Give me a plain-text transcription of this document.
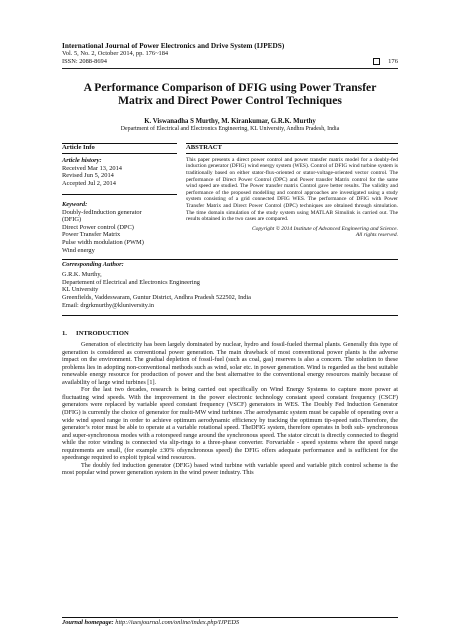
International Journal of Power Electronics and Drive System (IJPEDS)
Vol. 5, No. 2, October 2014, pp. 176~184
ISSN: 2088-8694	176
A Performance Comparison of DFIG using Power Transfer
Matrix and Direct Power Control Techniques
K. Viswanadha S Murthy, M. Kirankumar, G.R.K. Murthy
Department of Electrical and Electronics Engineering, KL University, Andhra Pradesh, India
Article Info
Article history:
Received Mar 13, 2014
Revised Jun 5, 2014
Accepted Jul 2, 2014
Keyword:
Doubly-fedInduction generator
(DFIG)
Direct Power control (DPC)
Power Transfer Matrix
Pulse width modulation (PWM)
Wind energy
ABSTRACT
This paper presents a direct power control and power transfer matrix model for a doubly-fed induction generator (DFIG) wind energy system (WES). Control of DFIG wind turbine system is traditionally based on either stator-flux-oriented or stator-voltage-oriented vector control. The performance of Direct Power Control (DPC) and Power transfer Matrix control for the same wind speed are studied. The Power transfer matrix Control gave better results. The validity and performance of the proposed modelling and control approaches are investigated using a study system consisting of a grid connected DFIG WES. The performance of DFIG with Power Transfer Matrix and Direct Power Control (DPC) techniques are obtained through simulation. The time domain simulation of the study system using MATLAB Simulink is carried out. The results obtained in the two cases are compared.
Copyright © 2014 Institute of Advanced Engineering and Science.
All rights reserved.
Corresponding Author:
G.R.K. Murthy,
Departement of Electrical and Electronics Engineering
KL University
Greenfields, Vaddeswaram, Guntur District, Andhra Pradesh 522502, India
Email: drgrkmurthy@kluniversity.in
1. INTRODUCTION

Generation of electricity has been largely dominated by nuclear, hydro and fossil-fueled thermal plants. Generally this type of generation is considered as conventional power generation. The main drawback of most conventional power plants is the adverse impact on the environment. The gradual depletion of fossil-fuel (such as coal, gas) reserves is also a concern. The solution to these problems lies in adopting non-conventional methods such as wind, solar etc. in power generation. Wind is regarded as the best suitable renewable energy resource for production of power and the best alternative to the conventional energy resources mainly because of availability of large wind turbines [1].

For the last two decades, research is being carried out specifically on Wind Energy Systems to capture more power at fluctuating wind speeds. With the improvement in the power electronic technology constant speed constant frequency (CSCF) generators were replaced by variable speed constant frequency (VSCF) generators in WES. The Doubly Fed Induction Generator (DFIG) is currently the choice of generator for multi-MW wind turbines .The aerodynamic system must be capable of operating over a wide wind speed range in order to achieve optimum aerodynamic efficiency by tracking the optimum tip-speed ratio.Therefore, the generator’s rotor must be able to operate at a variable rotational speed. TheDFIG system, therefore operates in both sub- synchronous and super-synchronous modes with a rotorspeed range around the synchronous speed. The stator circuit is directly connected to thegrid while the rotor winding is connected via slip-rings to a three-phase converter. Forvariable - speed systems where the speed range requirements are small, (for example ±30% ofsynchronous speed) the DFIG offers adequate performance and is sufficient for the speedrange required to exploit typical wind resources.

The doubly fed induction generator (DFIG) based wind turbine with variable speed and variable pitch control scheme is the most popular wind power generation system in the wind power industry. This

Journal homepage: http://iaesjournal.com/online/index.php/IJPEDS
